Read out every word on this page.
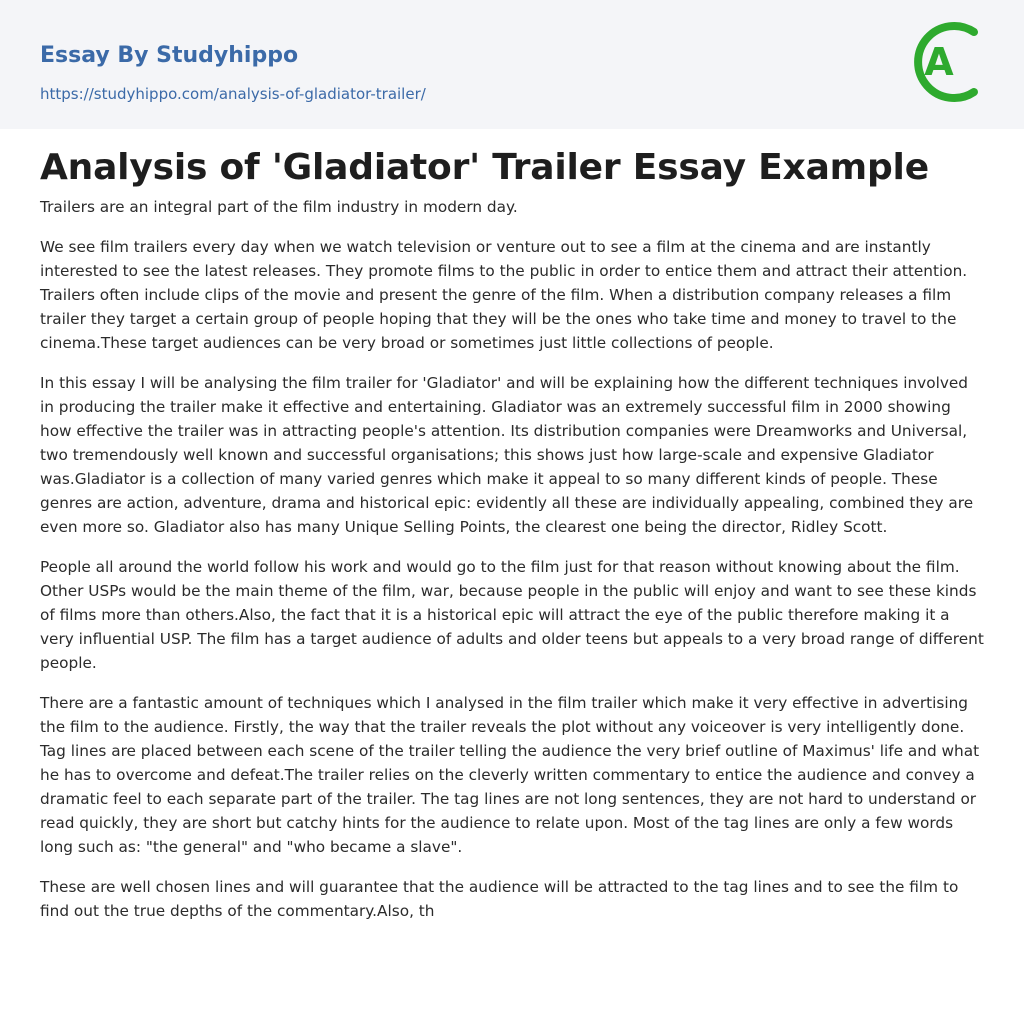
Essay By Studyhippo
https://studyhippo.com/analysis-of-gladiator-trailer/
A
Analysis of 'Gladiator' Trailer Essay Example

Trailers are an integral part of the film industry in modern day.

We see film trailers every day when we watch television or venture out to see a film at the cinema and are instantly interested to see the latest releases. They promote films to the public in order to entice them and attract their attention. Trailers often include clips of the movie and present the genre of the film. When a distribution company releases a film trailer they target a certain group of people hoping that they will be the ones who take time and money to travel to the cinema.These target audiences can be very broad or sometimes just little collections of people.

In this essay I will be analysing the film trailer for 'Gladiator' and will be explaining how the different techniques involved in producing the trailer make it effective and entertaining. Gladiator was an extremely successful film in 2000 showing how effective the trailer was in attracting people's attention. Its distribution companies were Dreamworks and Universal, two tremendously well known and successful organisations; this shows just how large-scale and expensive Gladiator was.Gladiator is a collection of many varied genres which make it appeal to so many different kinds of people. These genres are action, adventure, drama and historical epic: evidently all these are individually appealing, combined they are even more so. Gladiator also has many Unique Selling Points, the clearest one being the director, Ridley Scott.

People all around the world follow his work and would go to the film just for that reason without knowing about the film. Other USPs would be the main theme of the film, war, because people in the public will enjoy and want to see these kinds of films more than others.Also, the fact that it is a historical epic will attract the eye of the public therefore making it a very influential USP. The film has a target audience of adults and older teens but appeals to a very broad range of different people.

There are a fantastic amount of techniques which I analysed in the film trailer which make it very effective in advertising the film to the audience. Firstly, the way that the trailer reveals the plot without any voiceover is very intelligently done. Tag lines are placed between each scene of the trailer telling the audience the very brief outline of Maximus' life and what he has to overcome and defeat.The trailer relies on the cleverly written commentary to entice the audience and convey a dramatic feel to each separate part of the trailer. The tag lines are not long sentences, they are not hard to understand or read quickly, they are short but catchy hints for the audience to relate upon. Most of the tag lines are only a few words long such as: "the general" and "who became a slave".

These are well chosen lines and will guarantee that the audience will be attracted to the tag lines and to see the film to find out the true depths of the commentary.Also, th
